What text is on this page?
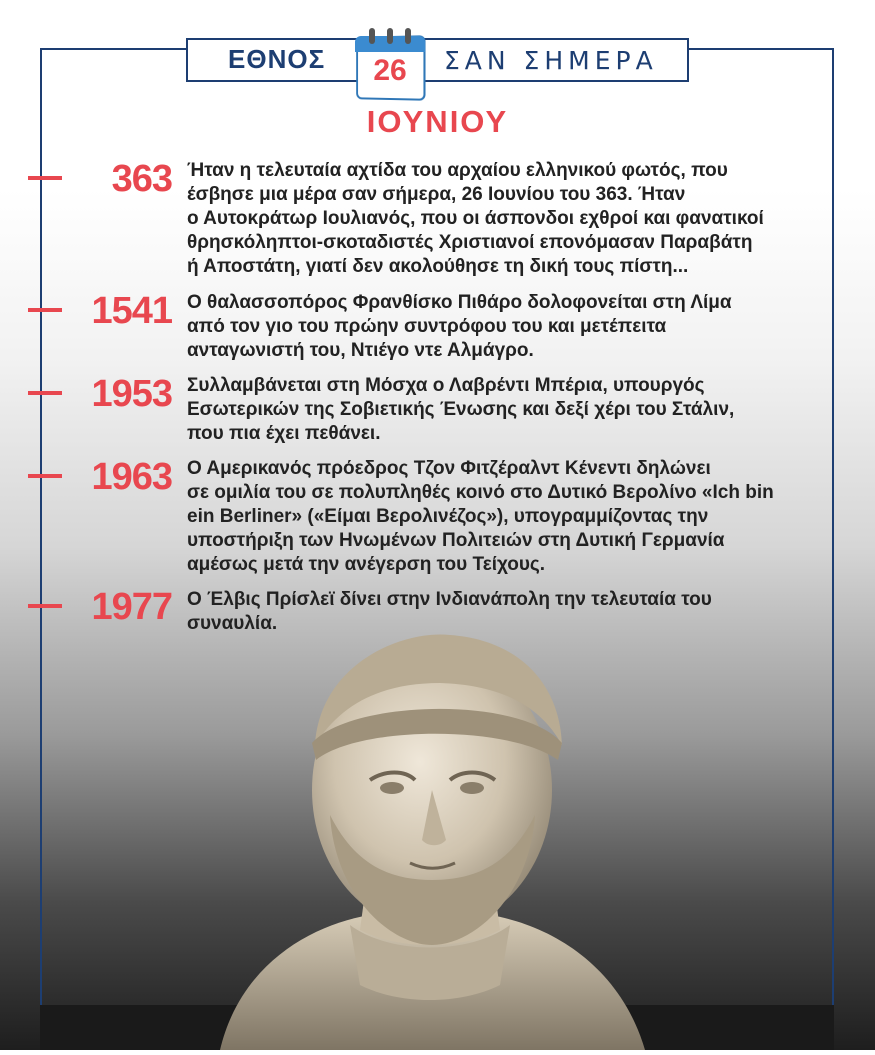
ΕΘΝΟΣ	26	ΣΑΝ ΣΗΜΕΡΑ
ΙΟΥΝΙΟΥ
363 Ήταν η τελευταία αχτίδα του αρχαίου ελληνικού φωτός, που
έσβησε μια μέρα σαν σήμερα, 26 Ιουνίου του 363. Ήταν
ο Αυτοκράτωρ Ιουλιανός, που οι άσπονδοι εχθροί και φανατικοί
θρησκόληπτοι-σκοταδιστές Χριστιανοί επονόμασαν Παραβάτη
ή Αποστάτη, γιατί δεν ακολούθησε τη δική τους πίστη...
1541 Ο θαλασσοπόρος Φρανθίσκο Πιθάρο δολοφονείται στη Λίμα
από τον γιο του πρώην συντρόφου του και μετέπειτα
ανταγωνιστή του, Ντιέγο ντε Αλμάγρο.
1953 Συλλαμβάνεται στη Μόσχα ο Λαβρέντι Μπέρια, υπουργός
Εσωτερικών της Σοβιετικής Ένωσης και δεξί χέρι του Στάλιν,
που πια έχει πεθάνει.
1963 Ο Αμερικανός πρόεδρος Τζον Φιτζέραλντ Κένεντι δηλώνει
σε ομιλία του σε πολυπληθές κοινό στο Δυτικό Βερολίνο «Ich bin
ein Berliner» («Είμαι Βερολινέζος»), υπογραμμίζοντας την
υποστήριξη των Ηνωμένων Πολιτειών στη Δυτική Γερμανία
αμέσως μετά την ανέγερση του Τείχους.
1977 Ο Έλβις Πρίσλεϊ δίνει στην Ινδιανάπολη την τελευταία του
συναυλία.
